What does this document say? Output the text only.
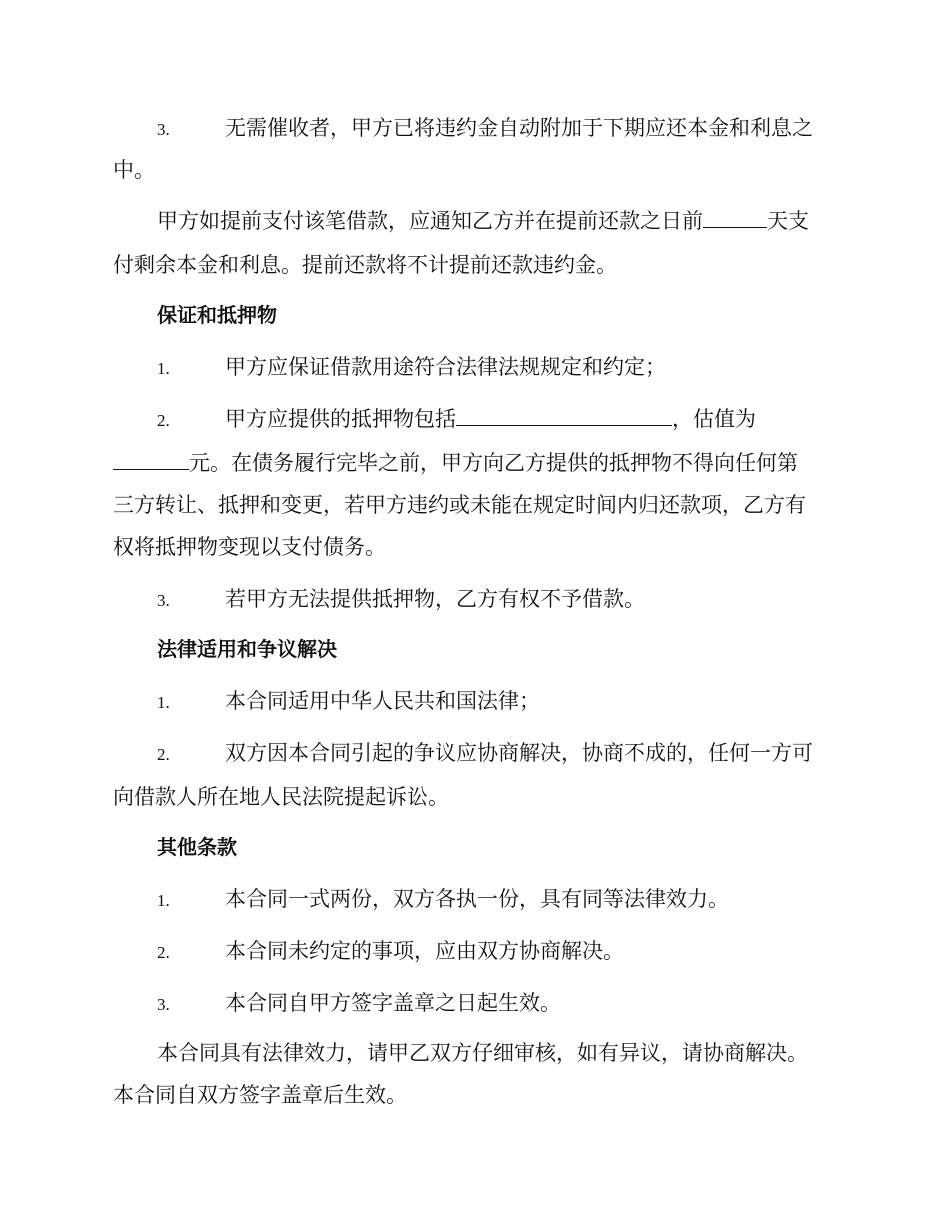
3.	无需催收者，甲方已将违约金自动附加于下期应还本金和利息之
中。
甲方如提前支付该笔借款，应通知乙方并在提前还款之日前	天支
付剩余本金和利息。提前还款将不计提前还款违约金。
保证和抵押物
1.	甲方应保证借款用途符合法律法规规定和约定；
2.	甲方应提供的抵押物包括	，估值为
元。在债务履行完毕之前，甲方向乙方提供的抵押物不得向任何第
三方转让、抵押和变更，若甲方违约或未能在规定时间内归还款项，乙方有
权将抵押物变现以支付债务。
3.	若甲方无法提供抵押物，乙方有权不予借款。
法律适用和争议解决
1.	本合同适用中华人民共和国法律；
2.	双方因本合同引起的争议应协商解决，协商不成的，任何一方可
向借款人所在地人民法院提起诉讼。
其他条款
1.	本合同一式两份，双方各执一份，具有同等法律效力。
2.	本合同未约定的事项，应由双方协商解决。
3.	本合同自甲方签字盖章之日起生效。
本合同具有法律效力，请甲乙双方仔细审核，如有异议，请协商解决。
本合同自双方签字盖章后生效。
